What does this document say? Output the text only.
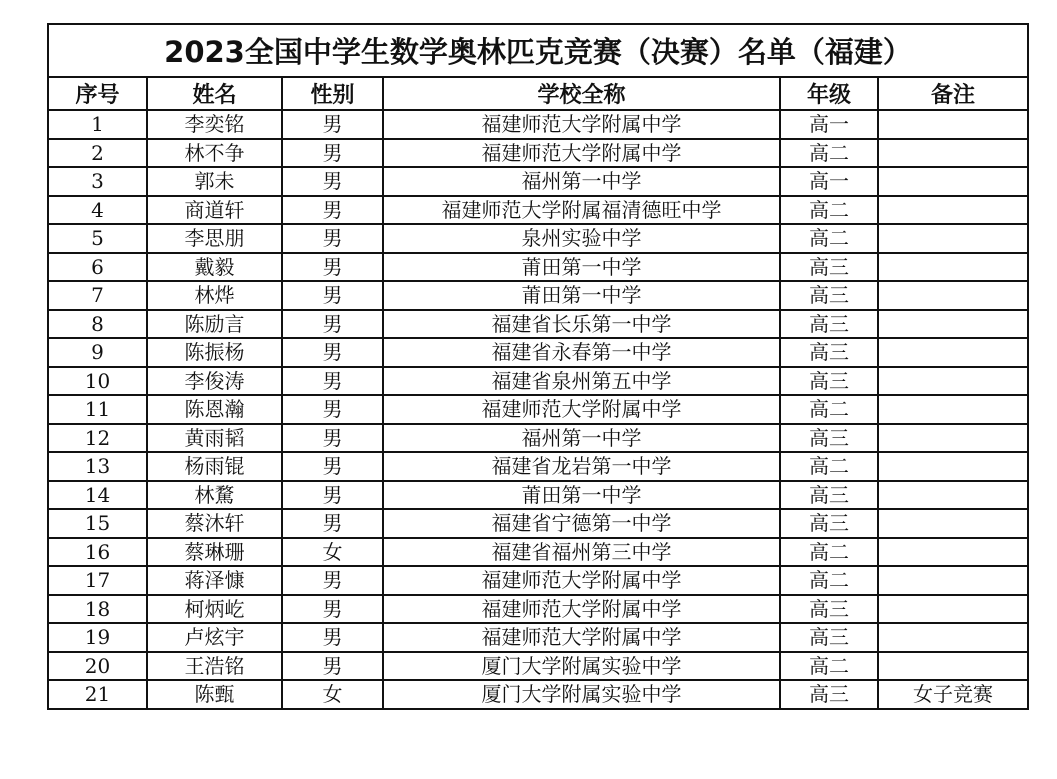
2023全国中学生数学奥林匹克竞赛（决赛）名单（福建）					
序号	姓名	性别	学校全称	年级	备注
1	李奕铭	男	福建师范大学附属中学	高一	
2	林不争	男	福建师范大学附属中学	高二	
3	郭未	男	福州第一中学	高一	
4	商道轩	男	福建师范大学附属福清德旺中学	高二	
5	李思朋	男	泉州实验中学	高二	
6	戴毅	男	莆田第一中学	高三	
7	林烨	男	莆田第一中学	高三	
8	陈励言	男	福建省长乐第一中学	高三	
9	陈振杨	男	福建省永春第一中学	高三	
10	李俊涛	男	福建省泉州第五中学	高三	
11	陈恩瀚	男	福建师范大学附属中学	高二	
12	黄雨韬	男	福州第一中学	高三	
13	杨雨锟	男	福建省龙岩第一中学	高二	
14	林騖	男	莆田第一中学	高三	
15	蔡沐轩	男	福建省宁德第一中学	高三	
16	蔡琳珊	女	福建省福州第三中学	高二	
17	蒋泽慷	男	福建师范大学附属中学	高二	
18	柯炳屹	男	福建师范大学附属中学	高三	
19	卢炫宇	男	福建师范大学附属中学	高三	
20	王浩铭	男	厦门大学附属实验中学	高二	
21	陈甄	女	厦门大学附属实验中学	高三	女子竞赛
